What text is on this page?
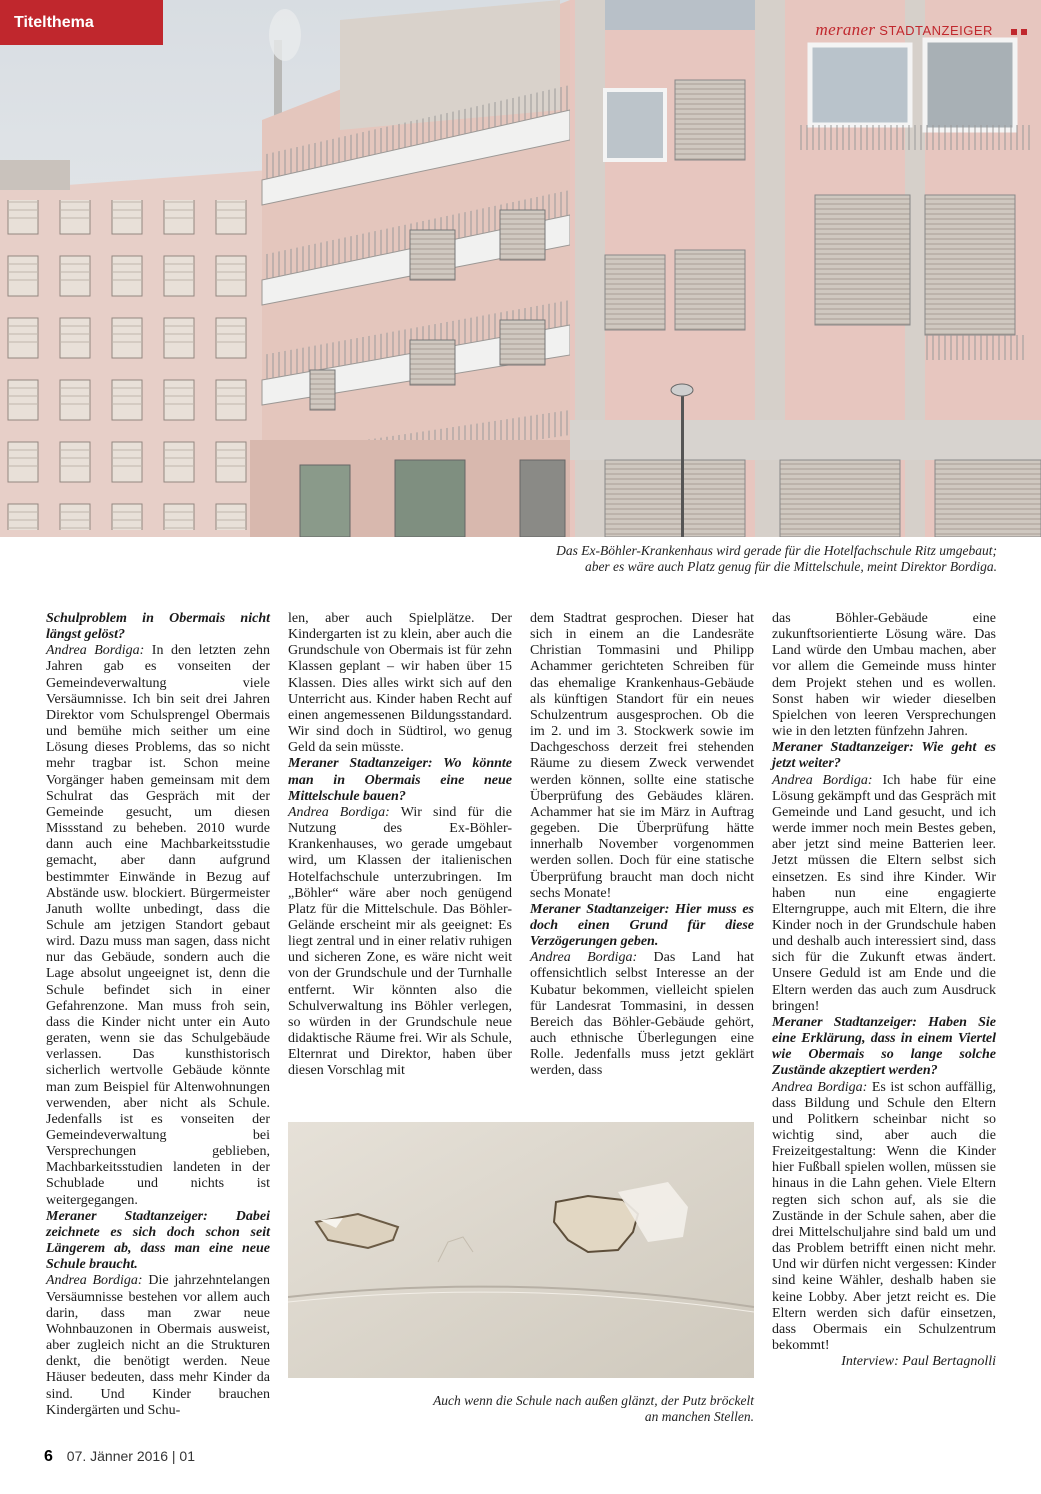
Titelthema	meraner STADTANZEIGER
Das Ex-Böhler-Krankenhaus wird gerade für die Hotelfachschule Ritz umgebaut;
aber es wäre auch Platz genug für die Mittelschule, meint Direktor Bordiga.

Schulproblem in Obermais nicht längst gelöst?
Andrea Bordiga: In den letzten zehn Jahren gab es vonseiten der Gemeindeverwaltung viele Versäumnisse. Ich bin seit drei Jahren Direktor vom Schulsprengel Obermais und bemühe mich seither um eine Lösung dieses Problems, das so nicht mehr tragbar ist. Schon meine Vorgänger haben gemeinsam mit dem Schulrat das Gespräch mit der Gemeinde gesucht, um diesen Missstand zu beheben. 2010 wurde dann auch eine Machbarkeitsstudie gemacht, aber dann aufgrund bestimmter Einwände in Bezug auf Abstände usw. blockiert. Bürgermeister Januth wollte unbedingt, dass die Schule am jetzigen Standort gebaut wird. Dazu muss man sagen, dass nicht nur das Gebäude, sondern auch die Lage absolut ungeeignet ist, denn die Schule befindet sich in einer Gefahrenzone. Man muss froh sein, dass die Kinder nicht unter ein Auto geraten, wenn sie das Schulgebäude verlassen. Das kunsthistorisch sicherlich wertvolle Gebäude könnte man zum Beispiel für Altenwohnungen verwenden, aber nicht als Schule. Jedenfalls ist es vonseiten der Gemeindeverwaltung bei Versprechungen geblieben, Machbarkeitsstudien landeten in der Schublade und nichts ist weitergegangen.
Meraner Stadtanzeiger: Dabei zeichnete es sich doch schon seit Längerem ab, dass man eine neue Schule braucht.
Andrea Bordiga: Die jahrzehntelangen Versäumnisse bestehen vor allem auch darin, dass man zwar neue Wohnbauzonen in Obermais ausweist, aber zugleich nicht an die Strukturen denkt, die benötigt werden. Neue Häuser bedeuten, dass mehr Kinder da sind. Und Kinder brauchen Kindergärten und Schu-

len, aber auch Spielplätze. Der Kindergarten ist zu klein, aber auch die Grundschule von Obermais ist für zehn Klassen geplant – wir haben über 15 Klassen. Dies alles wirkt sich auf den Unterricht aus. Kinder haben Recht auf einen angemessenen Bildungsstandard. Wir sind doch in Südtirol, wo genug Geld da sein müsste.
Meraner Stadtanzeiger: Wo könnte man in Obermais eine neue Mittelschule bauen?
Andrea Bordiga: Wir sind für die Nutzung des Ex-Böhler-Krankenhauses, wo gerade umgebaut wird, um Klassen der italienischen Hotelfachschule unterzubringen. Im „Böhler“ wäre aber noch genügend Platz für die Mittelschule. Das Böhler-Gelände erscheint mir als geeignet: Es liegt zentral und in einer relativ ruhigen und sicheren Zone, es wäre nicht weit von der Grundschule und der Turnhalle entfernt. Wir könnten also die Schulverwaltung ins Böhler verlegen, so würden in der Grundschule neue didaktische Räume frei. Wir als Schule, Elternrat und Direktor, haben über diesen Vorschlag mit

dem Stadtrat gesprochen. Dieser hat sich in einem an die Landesräte Christian Tommasini und Philipp Achammer gerichteten Schreiben für das ehemalige Krankenhaus-Gebäude als künftigen Standort für ein neues Schulzentrum ausgesprochen. Ob die im 2. und im 3. Stockwerk sowie im Dachgeschoss derzeit frei stehenden Räume zu diesem Zweck verwendet werden können, sollte eine statische Überprüfung des Gebäudes klären. Achammer hat sie im März in Auftrag gegeben. Die Überprüfung hätte innerhalb November vorgenommen werden sollen. Doch für eine statische Überprüfung braucht man doch nicht sechs Monate!
Meraner Stadtanzeiger: Hier muss es doch einen Grund für diese Verzögerungen geben.
Andrea Bordiga: Das Land hat offensichtlich selbst Interesse an der Kubatur bekommen, vielleicht spielen für Landesrat Tommasini, in dessen Bereich das Böhler-Gebäude gehört, auch ethnische Überlegungen eine Rolle. Jedenfalls muss jetzt geklärt werden, dass

das Böhler-Gebäude eine zukunftsorientierte Lösung wäre. Das Land würde den Umbau machen, aber vor allem die Gemeinde muss hinter dem Projekt stehen und es wollen. Sonst haben wir wieder dieselben Spielchen von leeren Versprechungen wie in den letzten fünfzehn Jahren.
Meraner Stadtanzeiger: Wie geht es jetzt weiter?
Andrea Bordiga: Ich habe für eine Lösung gekämpft und das Gespräch mit Gemeinde und Land gesucht, und ich werde immer noch mein Bestes geben, aber jetzt sind meine Batterien leer. Jetzt müssen die Eltern selbst sich einsetzen. Es sind ihre Kinder. Wir haben nun eine engagierte Elterngruppe, auch mit Eltern, die ihre Kinder noch in der Grundschule haben und deshalb auch interessiert sind, dass sich für die Zukunft etwas ändert. Unsere Geduld ist am Ende und die Eltern werden das auch zum Ausdruck bringen!
Meraner Stadtanzeiger: Haben Sie eine Erklärung, dass in einem Viertel wie Obermais so lange solche Zustände akzeptiert werden?
Andrea Bordiga: Es ist schon auffällig, dass Bildung und Schule den Eltern und Politkern scheinbar nicht so wichtig sind, aber auch die Freizeitgestaltung: Wenn die Kinder hier Fußball spielen wollen, müssen sie hinaus in die Lahn gehen. Viele Eltern regten sich schon auf, als sie die Zustände in der Schule sahen, aber die drei Mittelschuljahre sind bald um und das Problem betrifft einen nicht mehr. Und wir dürfen nicht vergessen: Kinder sind keine Wähler, deshalb haben sie keine Lobby. Aber jetzt reicht es. Die Eltern werden sich dafür einsetzen, dass Obermais ein Schulzentrum bekommt!

Interview: Paul Bertagnolli

Auch wenn die Schule nach außen glänzt, der Putz bröckelt
an manchen Stellen.
6 07. Jänner 2016 | 01
